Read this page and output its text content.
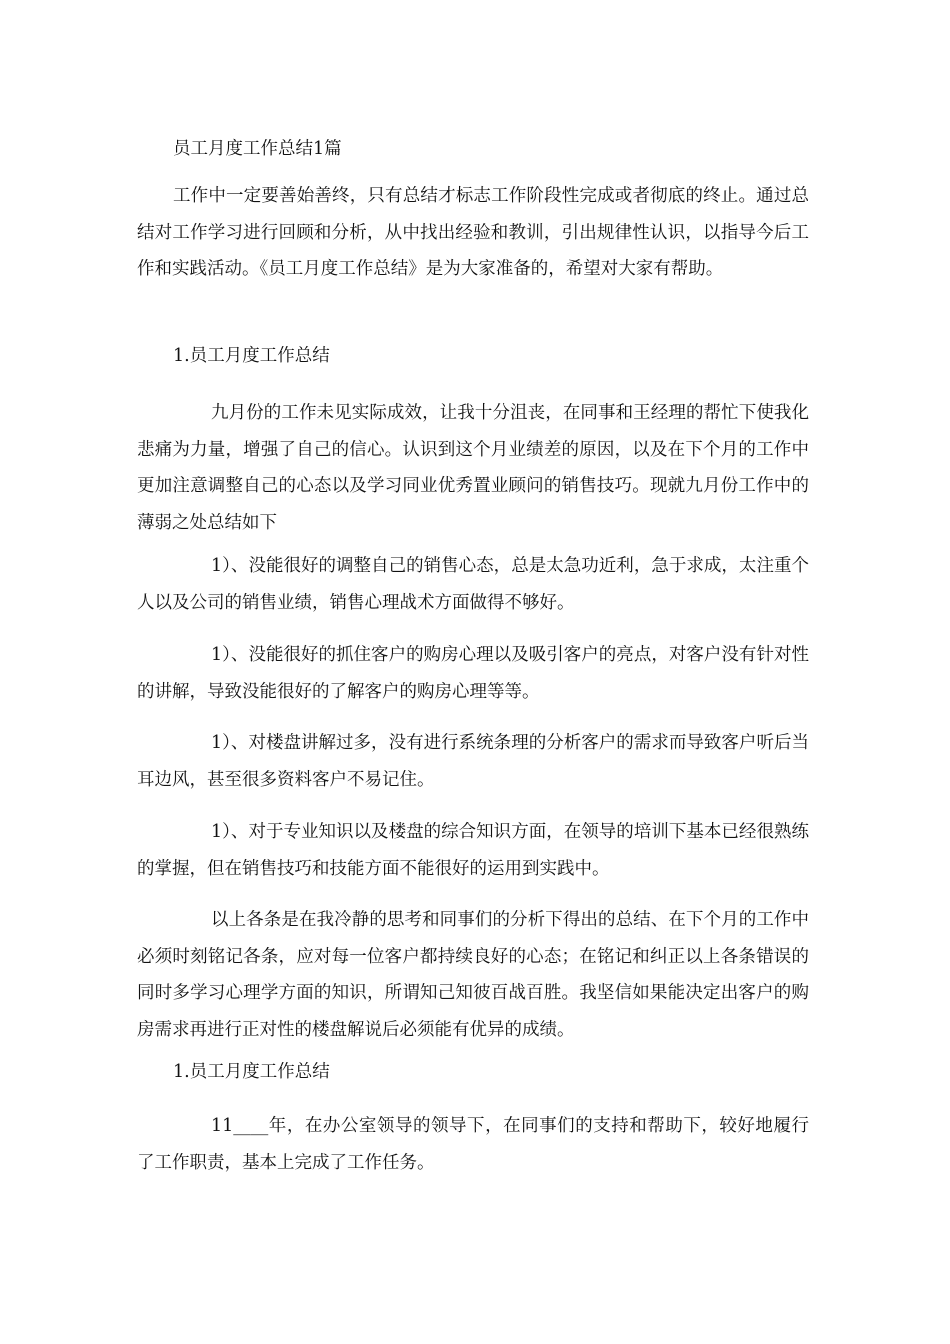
员工月度工作总结1篇

工作中一定要善始善终，只有总结才标志工作阶段性完成或者彻底的终止。通过总结对工作学习进行回顾和分析，从中找出经验和教训，引出规律性认识，以指导今后工作和实践活动。《员工月度工作总结》是为大家准备的，希望对大家有帮助。

1.员工月度工作总结

九月份的工作未见实际成效，让我十分沮丧，在同事和王经理的帮忙下使我化悲痛为力量，增强了自己的信心。认识到这个月业绩差的原因，以及在下个月的工作中更加注意调整自己的心态以及学习同业优秀置业顾问的销售技巧。现就九月份工作中的薄弱之处总结如下

1）、没能很好的调整自己的销售心态，总是太急功近利，急于求成，太注重个人以及公司的销售业绩，销售心理战术方面做得不够好。

1）、没能很好的抓住客户的购房心理以及吸引客户的亮点，对客户没有针对性的讲解，导致没能很好的了解客户的购房心理等等。

1）、对楼盘讲解过多，没有进行系统条理的分析客户的需求而导致客户听后当耳边风，甚至很多资料客户不易记住。

1）、对于专业知识以及楼盘的综合知识方面，在领导的培训下基本已经很熟练的掌握，但在销售技巧和技能方面不能很好的运用到实践中。

以上各条是在我冷静的思考和同事们的分析下得出的总结、在下个月的工作中必须时刻铭记各条，应对每一位客户都持续良好的心态；在铭记和纠正以上各条错误的同时多学习心理学方面的知识，所谓知己知彼百战百胜。我坚信如果能决定出客户的购房需求再进行正对性的楼盘解说后必须能有优异的成绩。

1.员工月度工作总结

11____年，在办公室领导的领导下，在同事们的支持和帮助下，较好地履行了工作职责，基本上完成了工作任务。
